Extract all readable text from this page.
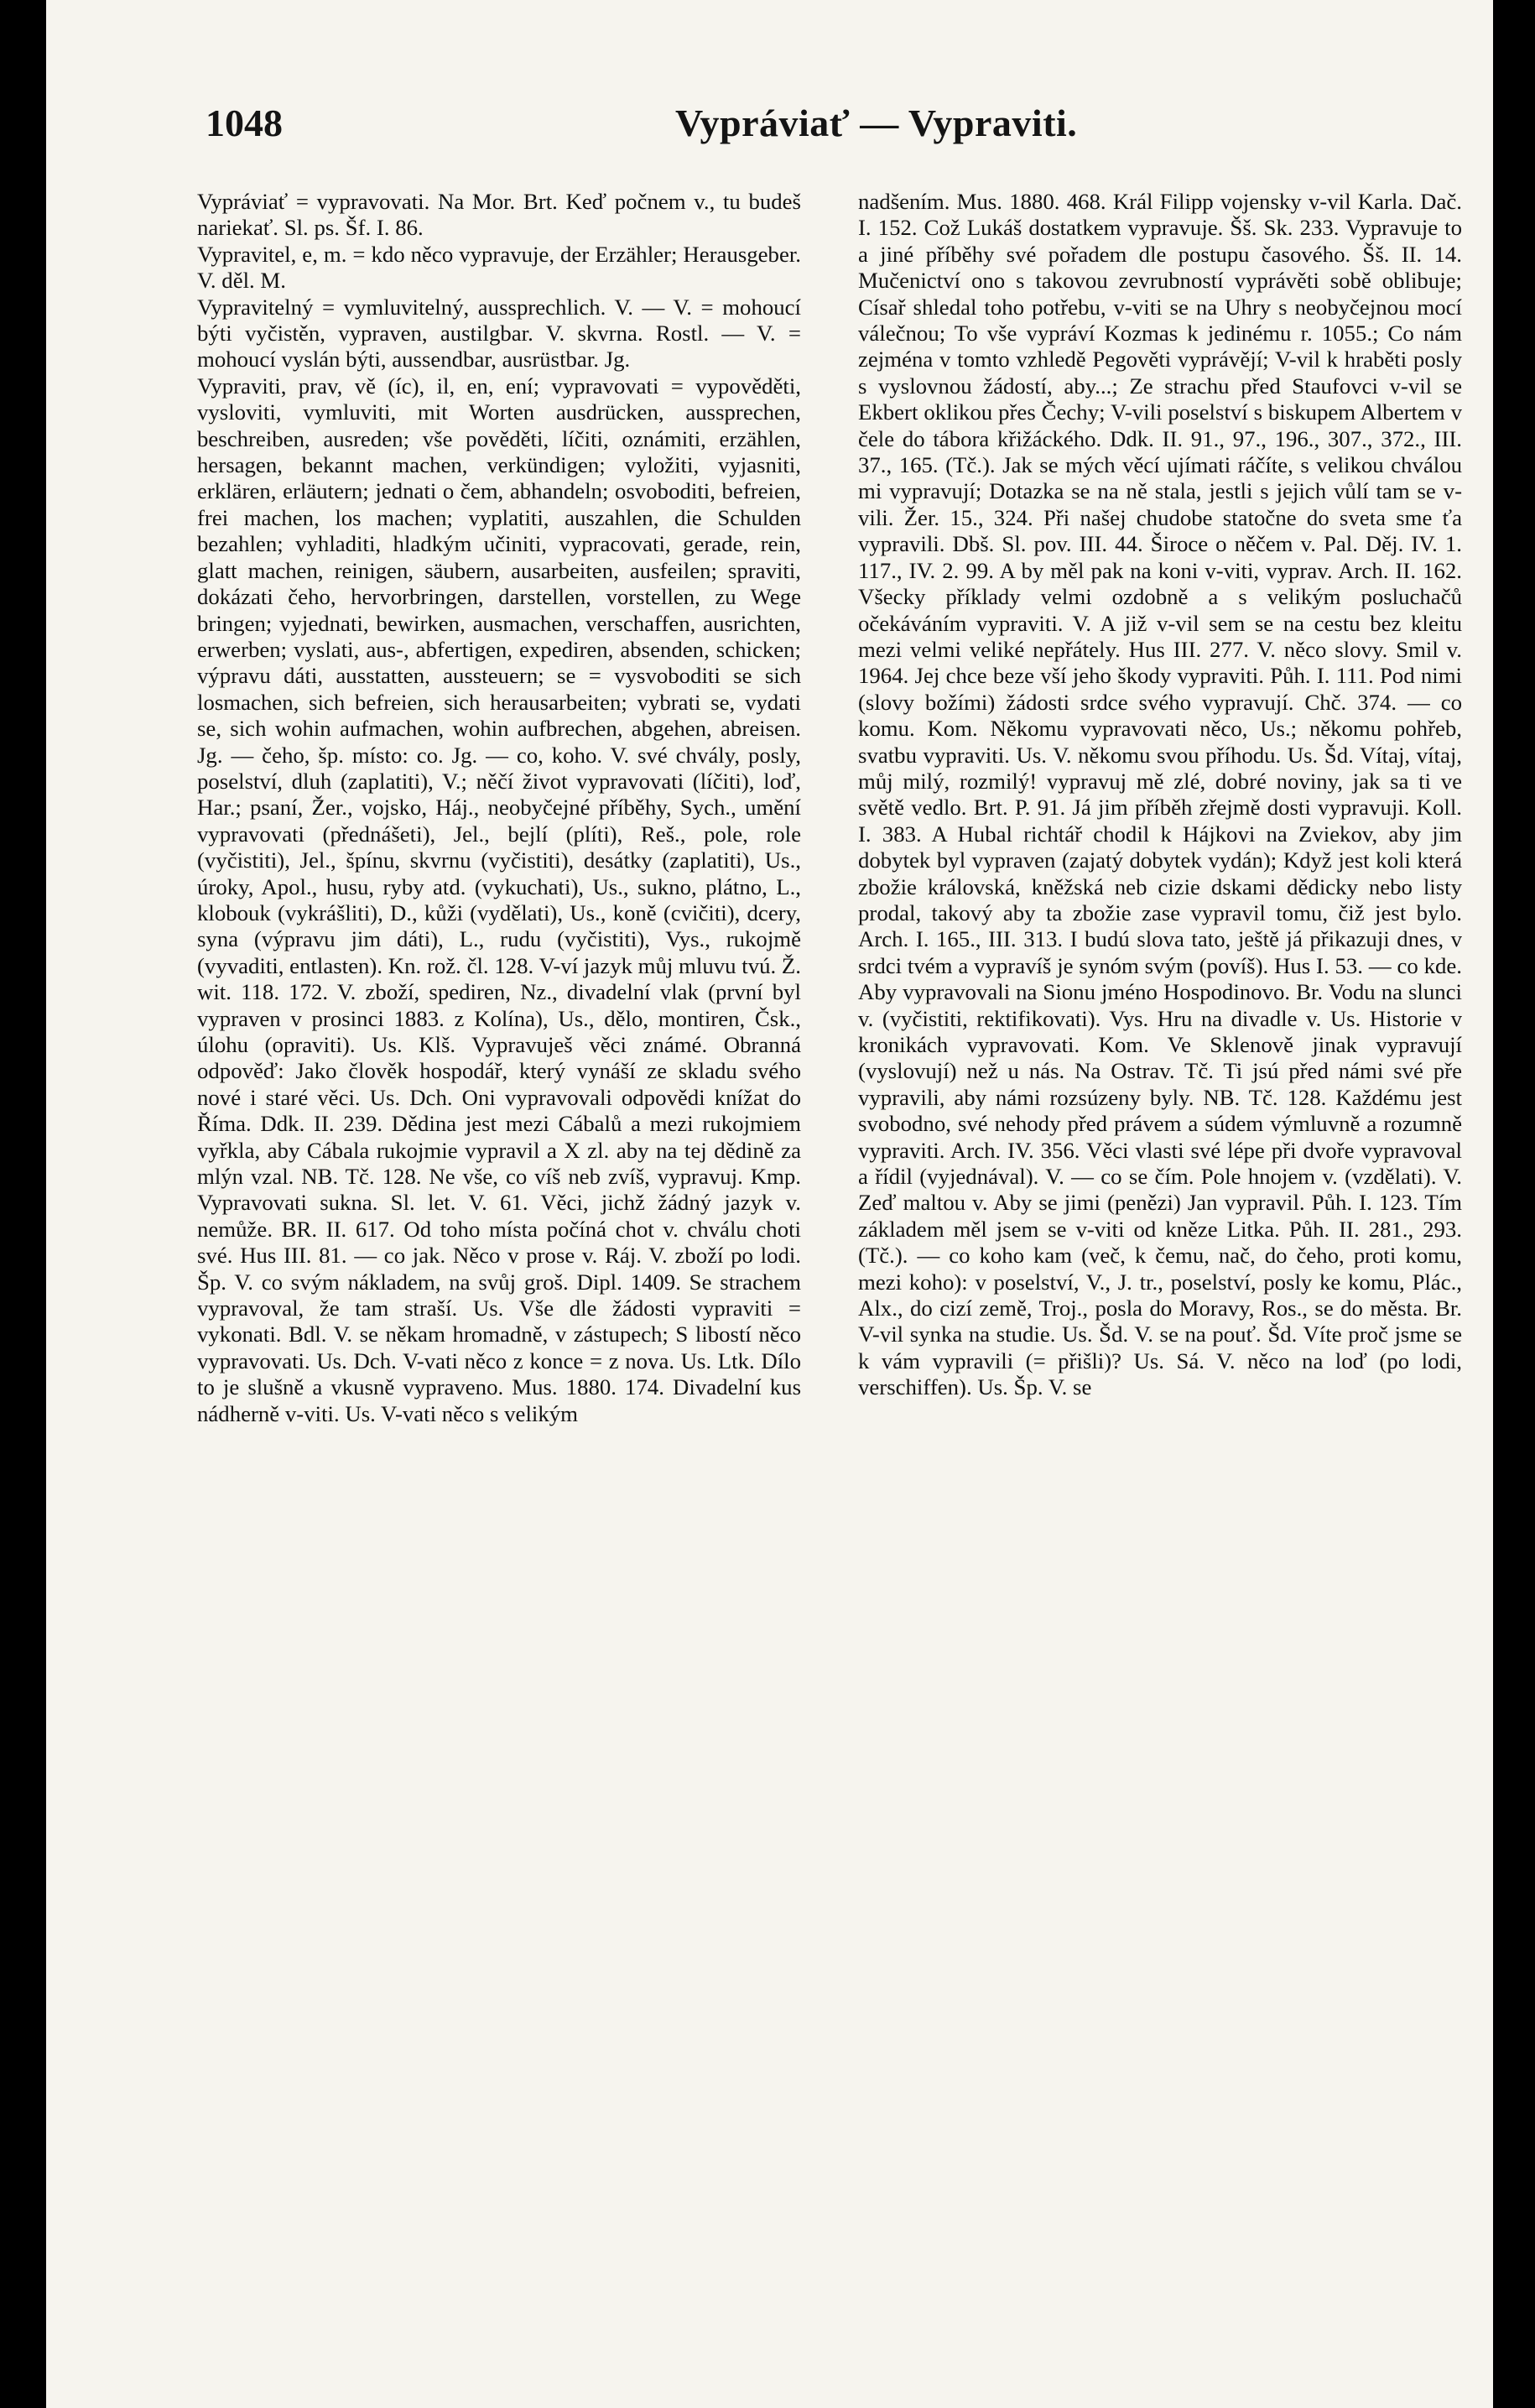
1048	Vypráviať — Vypraviti.

Vypráviať = vypravovati. Na Mor. Brt. Keď počnem v., tu budeš nariekať. Sl. ps. Šf. I. 86.

Vypravitel, e, m. = kdo něco vypravuje, der Erzähler; Herausgeber. V. děl. M.

Vypravitelný = vymluvitelný, aussprechlich. V. — V. = mohoucí býti vyčistěn, vypraven, austilgbar. V. skvrna. Rostl. — V. = mohoucí vyslán býti, aussendbar, ausrüstbar. Jg.

Vypraviti, prav, vě (íc), il, en, ení; vypravovati = vypověděti, vysloviti, vymluviti, mit Worten ausdrücken, aussprechen, beschreiben, ausreden; vše pověděti, líčiti, oznámiti, erzählen, hersagen, bekannt machen, verkündigen; vyložiti, vyjasniti, erklären, erläutern; jednati o čem, abhandeln; osvoboditi, befreien, frei machen, los machen; vyplatiti, auszahlen, die Schulden bezahlen; vyhladiti, hladkým učiniti, vypracovati, gerade, rein, glatt machen, reinigen, säubern, ausarbeiten, ausfeilen; spraviti, dokázati čeho, hervorbringen, darstellen, vorstellen, zu Wege bringen; vyjednati, bewirken, ausmachen, verschaffen, ausrichten, erwerben; vyslati, aus-, abfertigen, expediren, absenden, schicken; výpravu dáti, ausstatten, aussteuern; se = vysvoboditi se sich losmachen, sich befreien, sich herausarbeiten; vybrati se, vydati se, sich wohin aufmachen, wohin aufbrechen, abgehen, abreisen. Jg. — čeho, šp. místo: co. Jg. — co, koho. V. své chvály, posly, poselství, dluh (zaplatiti), V.; něčí život vypravovati (líčiti), loď, Har.; psaní, Žer., vojsko, Háj., neobyčejné příběhy, Sych., umění vypravovati (přednášeti), Jel., bejlí (plíti), Reš., pole, role (vyčistiti), Jel., špínu, skvrnu (vyčistiti), desátky (zaplatiti), Us., úroky, Apol., husu, ryby atd. (vykuchati), Us., sukno, plátno, L., klobouk (vykrášliti), D., kůži (vydělati), Us., koně (cvičiti), dcery, syna (výpravu jim dáti), L., rudu (vyčistiti), Vys., rukojmě (vyvaditi, entlasten). Kn. rož. čl. 128. V-ví jazyk můj mluvu tvú. Ž. wit. 118. 172. V. zboží, spediren, Nz., divadelní vlak (první byl vypraven v prosinci 1883. z Kolína), Us., dělo, montiren, Čsk., úlohu (opraviti). Us. Klš. Vypravuješ věci známé. Obranná odpověď: Jako člověk hospodář, který vynáší ze skladu svého nové i staré věci. Us. Dch. Oni vypravovali odpovědi knížat do Říma. Ddk. II. 239. Dědina jest mezi Cábalů a mezi rukojmiem vyřkla, aby Cábala rukojmie vypravil a X zl. aby na tej dědině za mlýn vzal. NB. Tč. 128. Ne vše, co víš neb zvíš, vypravuj. Kmp. Vypravovati sukna. Sl. let. V. 61. Věci, jichž žádný jazyk v. nemůže. BR. II. 617. Od toho místa počíná chot v. chválu choti své. Hus III. 81. — co jak. Něco v prose v. Ráj. V. zboží po lodi. Šp. V. co svým nákladem, na svůj groš. Dipl. 1409. Se strachem vypravoval, že tam straší. Us. Vše dle žádosti vypraviti = vykonati. Bdl. V. se někam hromadně, v zástupech; S libostí něco vypravovati. Us. Dch. V-vati něco z konce = z nova. Us. Ltk. Dílo to je slušně a vkusně vypraveno. Mus. 1880. 174. Divadelní kus nádherně v-viti. Us. V-vati něco s velikým

nadšením. Mus. 1880. 468. Král Filipp vojensky v-vil Karla. Dač. I. 152. Což Lukáš dostatkem vypravuje. Šš. Sk. 233. Vypravuje to a jiné příběhy své pořadem dle postupu časového. Šš. II. 14. Mučenictví ono s takovou zevrubností vyprávěti sobě oblibuje; Císař shledal toho potřebu, v-viti se na Uhry s neobyčejnou mocí válečnou; To vše vypráví Kozmas k jedinému r. 1055.; Co nám zejména v tomto vzhledě Pegověti vyprávějí; V-vil k hraběti posly s vyslovnou žádostí, aby...; Ze strachu před Staufovci v-vil se Ekbert oklikou přes Čechy; V-vili poselství s biskupem Albertem v čele do tábora křižáckého. Ddk. II. 91., 97., 196., 307., 372., III. 37., 165. (Tč.). Jak se mých věcí ujímati ráčíte, s velikou chválou mi vypravují; Dotazka se na ně stala, jestli s jejich vůlí tam se v-vili. Žer. 15., 324. Při našej chudobe statočne do sveta sme ťa vypravili. Dbš. Sl. pov. III. 44. Široce o něčem v. Pal. Děj. IV. 1. 117., IV. 2. 99. A by měl pak na koni v-viti, vyprav. Arch. II. 162. Všecky příklady velmi ozdobně a s velikým posluchačů očekáváním vypraviti. V. A již v-vil sem se na cestu bez kleitu mezi velmi veliké nepřátely. Hus III. 277. V. něco slovy. Smil v. 1964. Jej chce beze vší jeho škody vypraviti. Půh. I. 111. Pod nimi (slovy božími) žádosti srdce svého vypravují. Chč. 374. — co komu. Kom. Někomu vypravovati něco, Us.; někomu pohřeb, svatbu vypraviti. Us. V. někomu svou příhodu. Us. Šd. Vítaj, vítaj, můj milý, rozmilý! vypravuj mě zlé, dobré noviny, jak sa ti ve světě vedlo. Brt. P. 91. Já jim příběh zřejmě dosti vypravuji. Koll. I. 383. A Hubal richtář chodil k Hájkovi na Zviekov, aby jim dobytek byl vypraven (zajatý dobytek vydán); Když jest koli která zbožie královská, kněžská neb cizie dskami dědicky nebo listy prodal, takový aby ta zbožie zase vypravil tomu, čiž jest bylo. Arch. I. 165., III. 313. I budú slova tato, ještě já přikazuji dnes, v srdci tvém a vypravíš je synóm svým (povíš). Hus I. 53. — co kde. Aby vypravovali na Sionu jméno Hospodinovo. Br. Vodu na slunci v. (vyčistiti, rektifikovati). Vys. Hru na divadle v. Us. Historie v kronikách vypravovati. Kom. Ve Sklenově jinak vypravují (vyslovují) než u nás. Na Ostrav. Tč. Ti jsú před námi své pře vypravili, aby námi rozsúzeny byly. NB. Tč. 128. Každému jest svobodno, své nehody před právem a súdem výmluvně a rozumně vypraviti. Arch. IV. 356. Věci vlasti své lépe při dvoře vypravoval a řídil (vyjednával). V. — co se čím. Pole hnojem v. (vzdělati). V. Zeď maltou v. Aby se jimi (penězi) Jan vypravil. Půh. I. 123. Tím základem měl jsem se v-viti od kněze Litka. Půh. II. 281., 293. (Tč.). — co koho kam (več, k čemu, nač, do čeho, proti komu, mezi koho): v poselství, V., J. tr., poselství, posly ke komu, Plác., Alx., do cizí země, Troj., posla do Moravy, Ros., se do města. Br. V-vil synka na studie. Us. Šd. V. se na pouť. Šd. Víte proč jsme se k vám vypravili (= přišli)? Us. Sá. V. něco na loď (po lodi, verschiffen). Us. Šp. V. se
